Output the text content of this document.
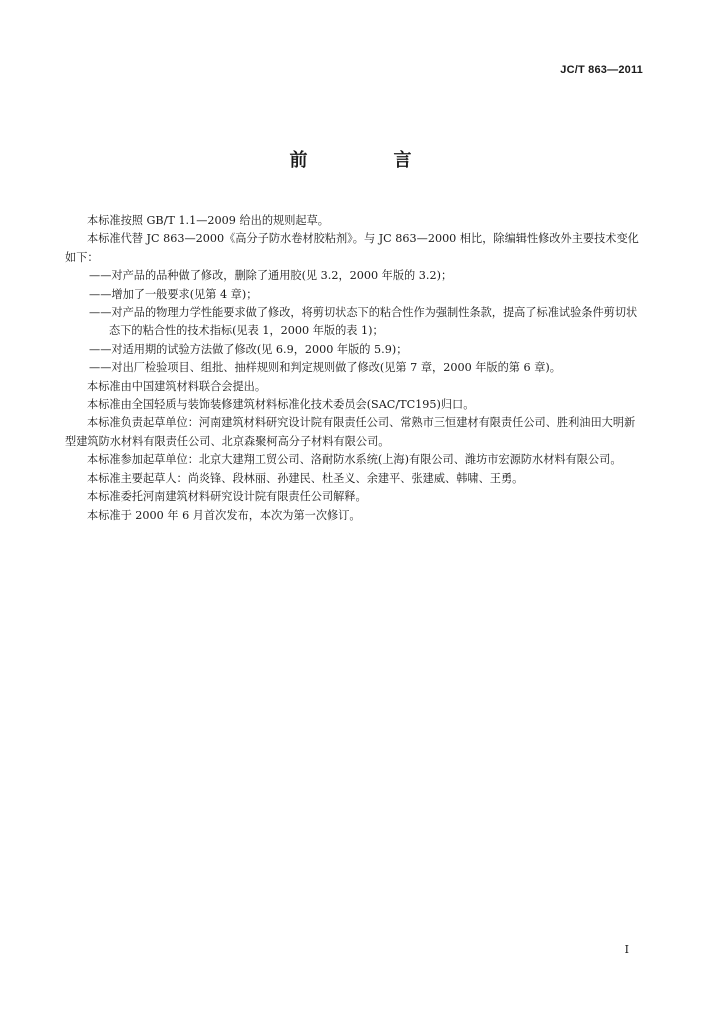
JC/T 863—2011
前　言

本标准按照 GB/T 1.1—2009 给出的规则起草。

本标准代替 JC 863—2000《高分子防水卷材胶粘剂》。与 JC 863—2000 相比，除编辑性修改外主要技术变化如下：

——对产品的品种做了修改，删除了通用胶(见 3.2，2000 年版的 3.2)；

——增加了一般要求(见第 4 章)；

——对产品的物理力学性能要求做了修改，将剪切状态下的粘合性作为强制性条款，提高了标准试验条件剪切状态下的粘合性的技术指标(见表 1，2000 年版的表 1)；

——对适用期的试验方法做了修改(见 6.9，2000 年版的 5.9)；

——对出厂检验项目、组批、抽样规则和判定规则做了修改(见第 7 章，2000 年版的第 6 章)。

本标准由中国建筑材料联合会提出。

本标准由全国轻质与装饰装修建筑材料标准化技术委员会(SAC/TC195)归口。

本标准负责起草单位：河南建筑材料研究设计院有限责任公司、常熟市三恒建材有限责任公司、胜利油田大明新型建筑防水材料有限责任公司、北京森聚柯高分子材料有限公司。

本标准参加起草单位：北京大建翔工贸公司、洛耐防水系统(上海)有限公司、潍坊市宏源防水材料有限公司。

本标准主要起草人：尚炎锋、段林丽、孙建民、杜圣义、余建平、张建威、韩啸、王勇。

本标准委托河南建筑材料研究设计院有限责任公司解释。

本标准于 2000 年 6 月首次发布，本次为第一次修订。

I
